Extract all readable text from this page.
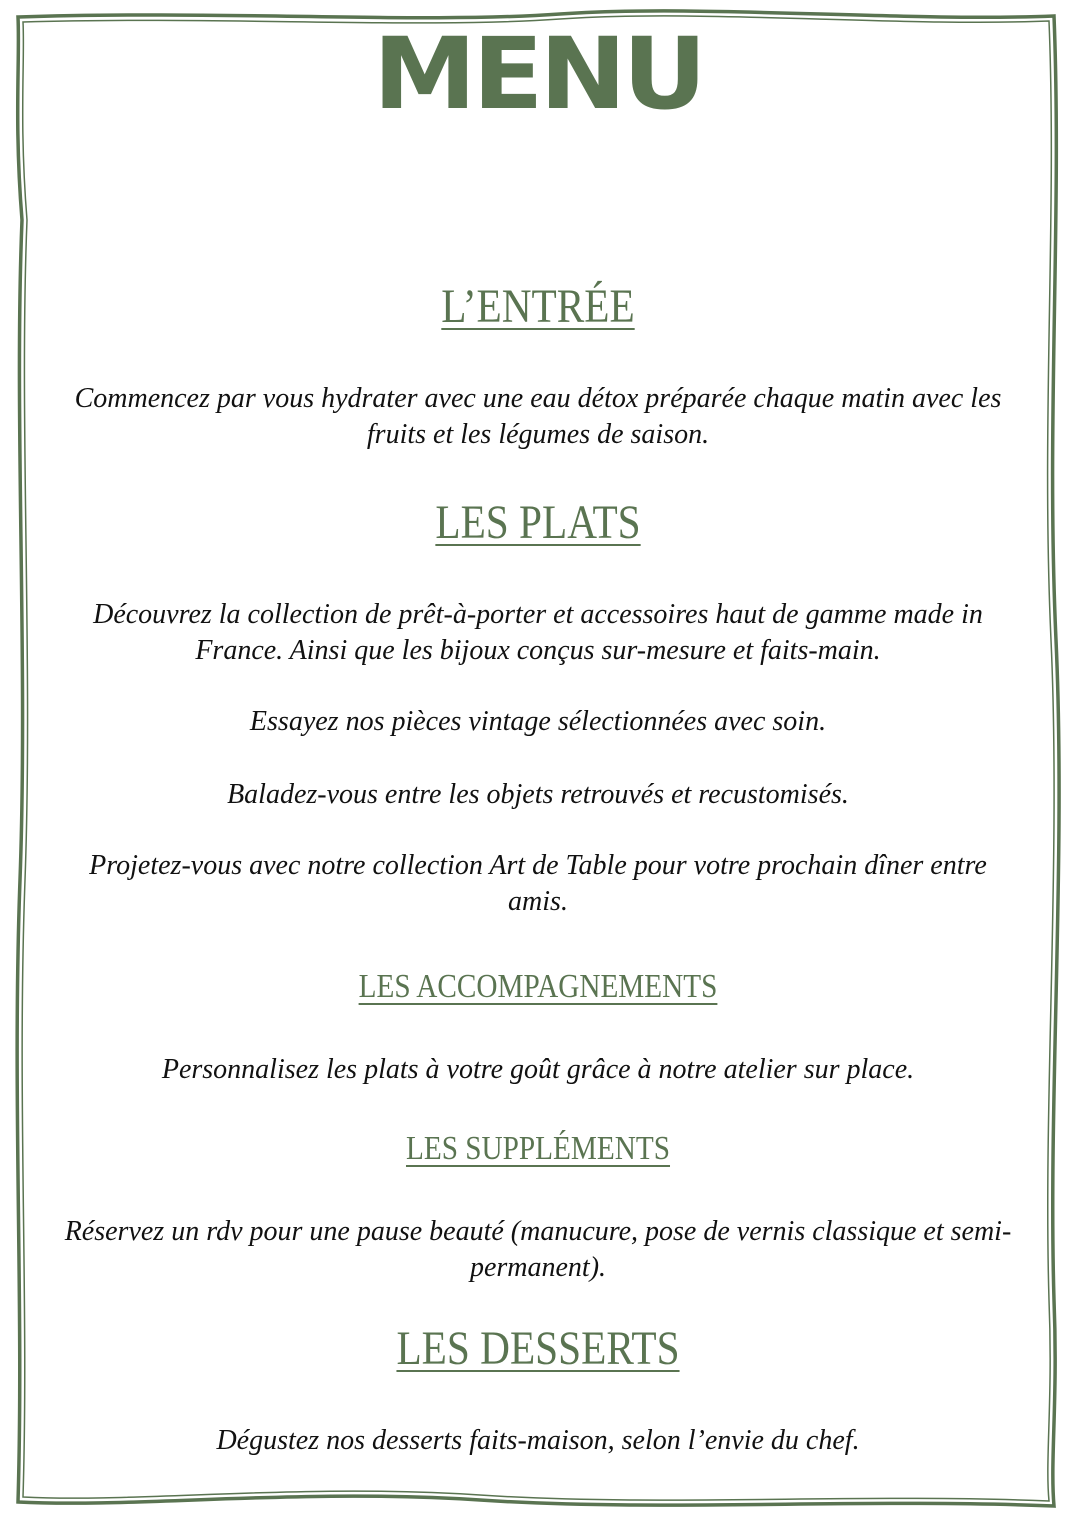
MENU
L’ENTRÉE

Commencez par vous hydrater avec une eau détox préparée chaque matin avec les fruits et les légumes de saison.

LES PLATS

Découvrez la collection de prêt-à-porter et accessoires haut de gamme made in France. Ainsi que les bijoux conçus sur-mesure et faits-main.

Essayez nos pièces vintage sélectionnées avec soin.

Baladez-vous entre les objets retrouvés et recustomisés.

Projetez-vous avec notre collection Art de Table pour votre prochain dîner entre amis.

LES ACCOMPAGNEMENTS

Personnalisez les plats à votre goût grâce à notre atelier sur place.

LES SUPPLÉMENTS

Réservez un rdv pour une pause beauté (manucure, pose de vernis classique et semi-permanent).

LES DESSERTS

Dégustez nos desserts faits-maison, selon l’envie du chef.
